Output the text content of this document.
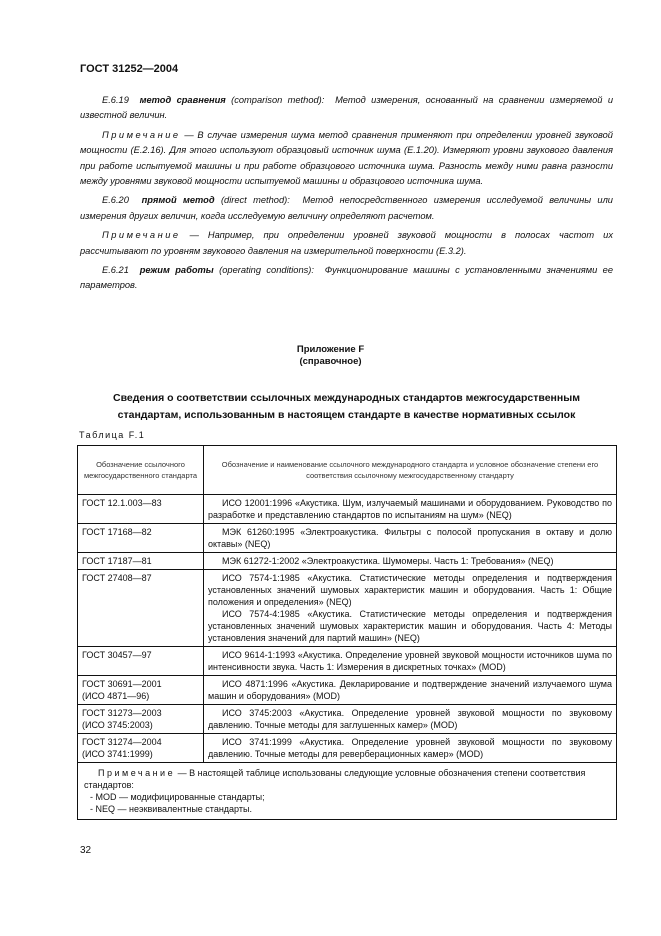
ГОСТ 31252—2004

Е.6.19 метод сравнения (comparison method): Метод измерения, основанный на сравнении измеряемой и известной величин.

Примечание — В случае измерения шума метод сравнения применяют при определении уровней звуковой мощности (Е.2.16). Для этого используют образцовый источник шума (Е.1.20). Измеряют уровни звукового давления при работе испытуемой машины и при работе образцового источника шума. Разность между ними равна разности между уровнями звуковой мощности испытуемой машины и образцового источника шума.

Е.6.20 прямой метод (direct method): Метод непосредственного измерения исследуемой величины или измерения других величин, когда исследуемую величину определяют расчетом.

Примечание — Например, при определении уровней звуковой мощности в полосах частот их рассчитывают по уровням звукового давления на измерительной поверхности (Е.3.2).

Е.6.21 режим работы (operating conditions): Функционирование машины с установленными значениями ее параметров.

Приложение F
(справочное)
Сведения о соответствии ссылочных международных стандартов межгосударственным стандартам, использованным в настоящем стандарте в качестве нормативных ссылок
Таблица F.1
Обозначение ссылочного межгосударственного стандарта	Обозначение и наименование ссылочного международного стандарта и условное обозначение степени его соответствия ссылочному межгосударственному стандарту

ГОСТ 12.1.003—83	ИСО 12001:1996 «Акустика. Шум, излучаемый машинами и оборудованием. Руководство по разработке и представлению стандартов по испытаниям на шум» (NEQ)

ГОСТ 17168—82	МЭК 61260:1995 «Электроакустика. Фильтры с полосой пропускания в октаву и долю октавы» (NEQ)

ГОСТ 17187—81	МЭК 61272-1:2002 «Электроакустика. Шумомеры. Часть 1: Требования» (NEQ)

ГОСТ 27408—87	ИСО 7574-1:1985 «Акустика. Статистические методы определения и подтверждения установленных значений шумовых характеристик машин и оборудования. Часть 1: Общие положения и определения» (NEQ)
ИСО 7574-4:1985 «Акустика. Статистические методы определения и подтверждения установленных значений шумовых характеристик машин и оборудования. Часть 4: Методы установления значений для партий машин» (NEQ)

ГОСТ 30457—97	ИСО 9614-1:1993 «Акустика. Определение уровней звуковой мощности источников шума по интенсивности звука. Часть 1: Измерения в дискретных точках» (MOD)

ГОСТ 30691—2001
(ИСО 4871—96)	ИСО 4871:1996 «Акустика. Декларирование и подтверждение значений излучаемого шума машин и оборудования» (MOD)

ГОСТ 31273—2003
(ИСО 3745:2003)	ИСО 3745:2003 «Акустика. Определение уровней звуковой мощности по звуковому давлению. Точные методы для заглушенных камер» (MOD)

ГОСТ 31274—2004
(ИСО 3741:1999)	ИСО 3741:1999 «Акустика. Определение уровней звуковой мощности по звуковому давлению. Точные методы для реверберационных камер» (MOD)

Примечание — В настоящей таблице использованы следующие условные обозначения степени соответствия стандартов:
- MOD — модифицированные стандарты;
- NEQ — неэквивалентные стандарты.	
32
